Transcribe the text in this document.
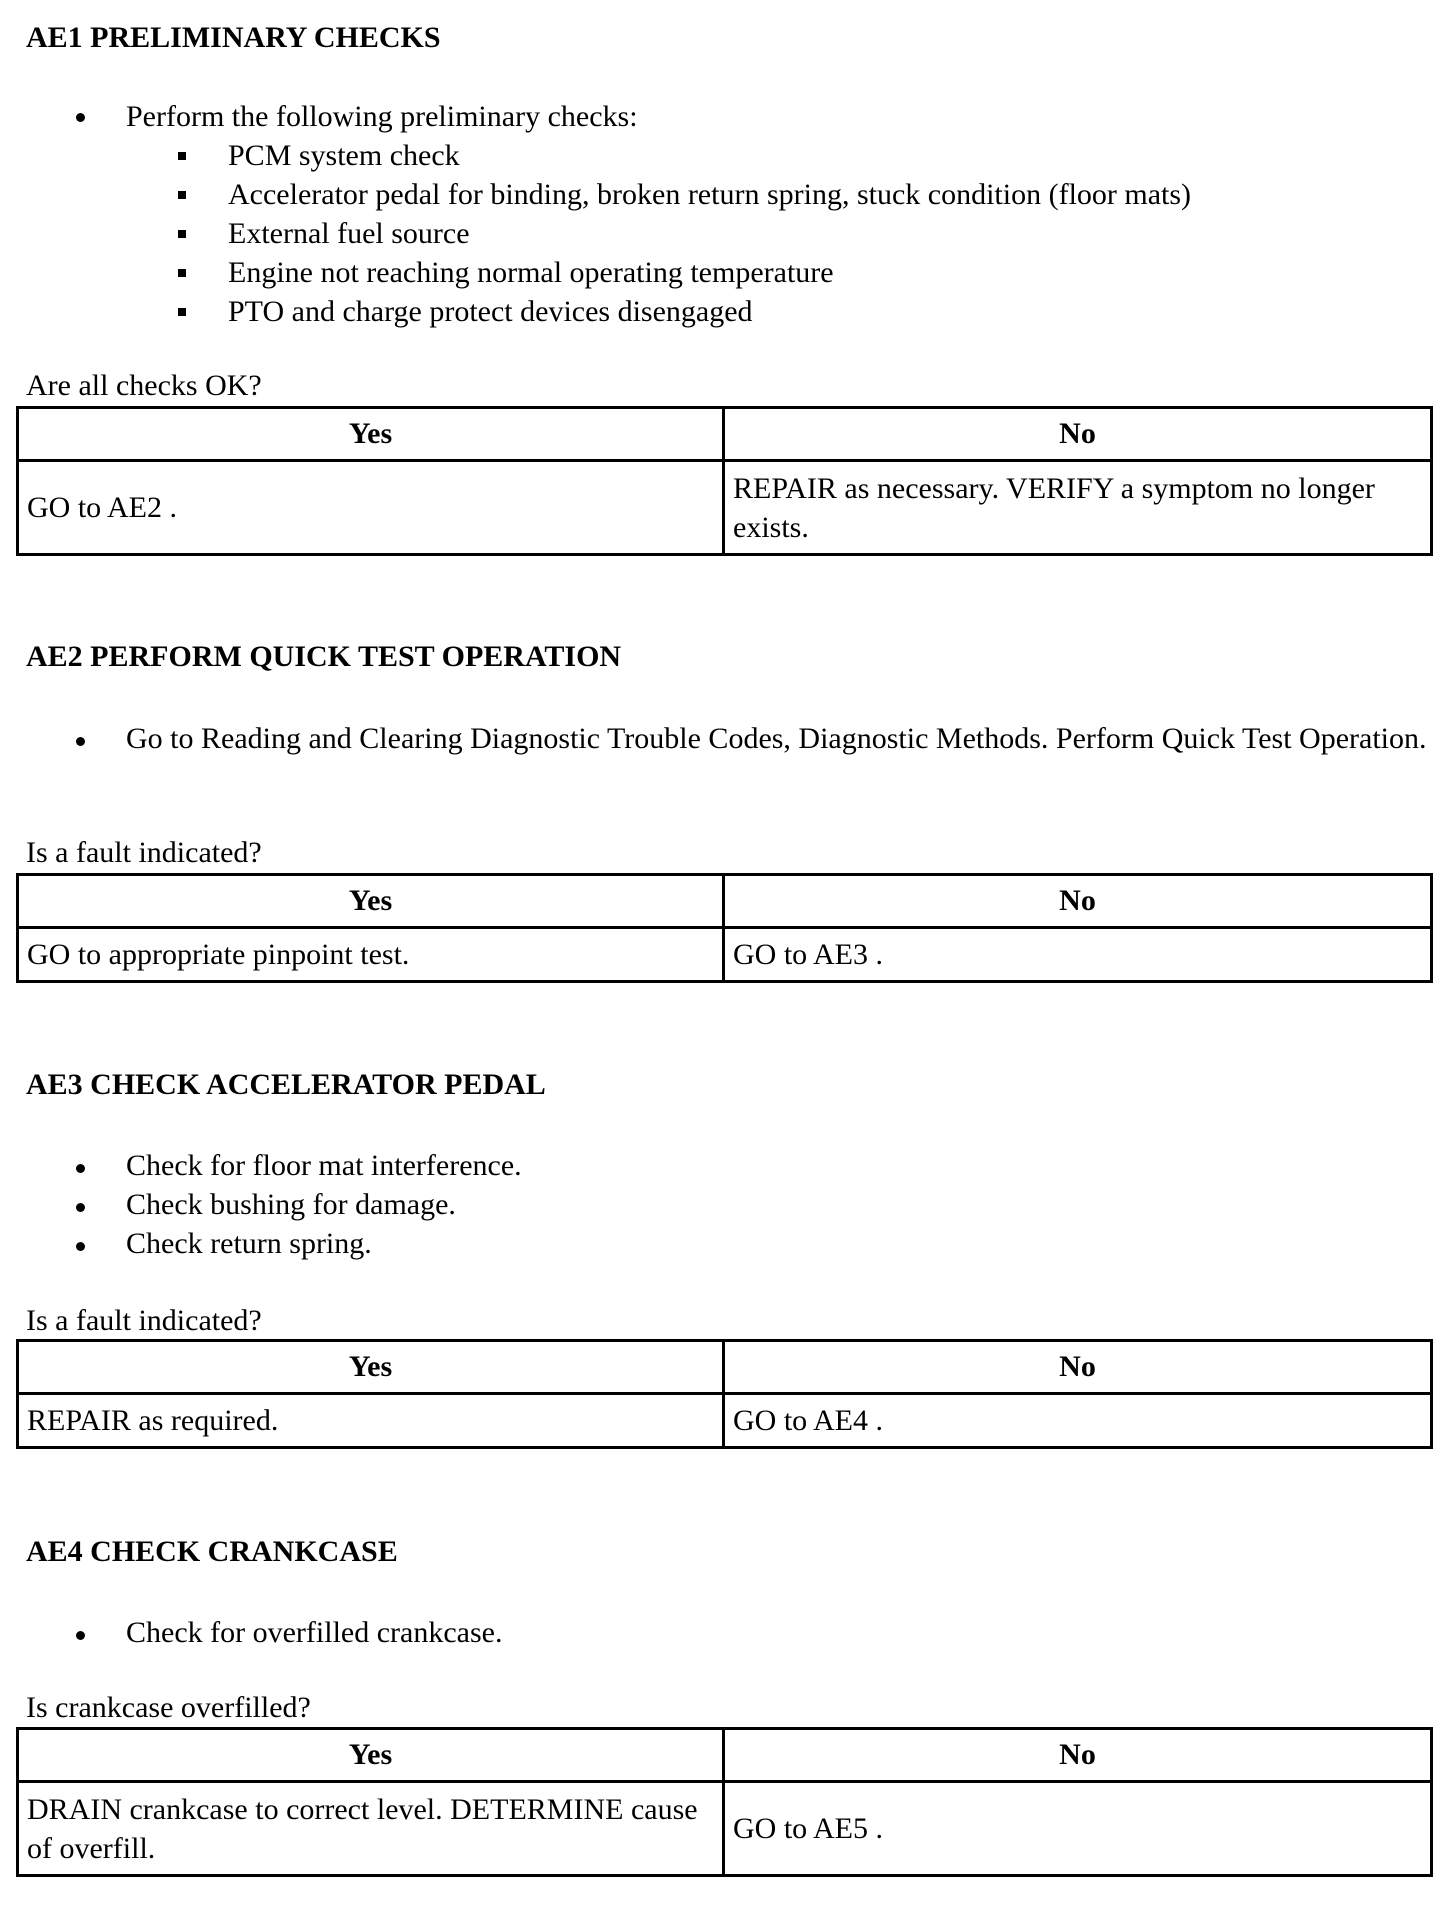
AE1 PRELIMINARY CHECKS
Perform the following preliminary checks:
PCM system check
Accelerator pedal for binding, broken return spring, stuck condition (floor mats)
External fuel source
Engine not reaching normal operating temperature
PTO and charge protect devices disengaged
Are all checks OK?
Yes	No
GO to AE2 .	REPAIR as necessary. VERIFY a symptom no longer exists.
AE2 PERFORM QUICK TEST OPERATION
Go to Reading and Clearing Diagnostic Trouble Codes, Diagnostic Methods. Perform Quick Test Operation.
Is a fault indicated?
Yes	No
GO to appropriate pinpoint test.	GO to AE3 .
AE3 CHECK ACCELERATOR PEDAL
Check for floor mat interference.
Check bushing for damage.
Check return spring.
Is a fault indicated?
Yes	No
REPAIR as required.	GO to AE4 .
AE4 CHECK CRANKCASE
Check for overfilled crankcase.
Is crankcase overfilled?
Yes	No
DRAIN crankcase to correct level. DETERMINE cause of overfill.	GO to AE5 .
